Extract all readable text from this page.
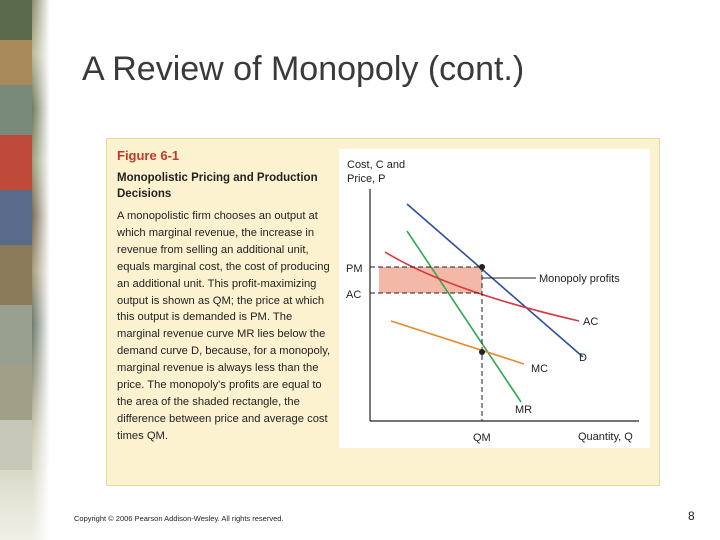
A Review of Monopoly (cont.)
Figure 6-1
Monopolistic Pricing and Production Decisions
A monopolistic firm chooses an output at which marginal revenue, the increase in revenue from selling an additional unit, equals marginal cost, the cost of producing an additional unit. This profit-maximizing output is shown as QM; the price at which this output is demanded is PM. The marginal revenue curve MR lies below the demand curve D, because, for a monopoly, marginal revenue is always less than the price. The monopoly's profits are equal to the area of the shaded rectangle, the difference between price and average cost times QM.
Cost, C and
Price, P
Quantity, Q
PM
AC
QM
Monopoly profits
D
MR
AC
MC
Copyright © 2006 Pearson Addison-Wesley. All rights reserved.	8
